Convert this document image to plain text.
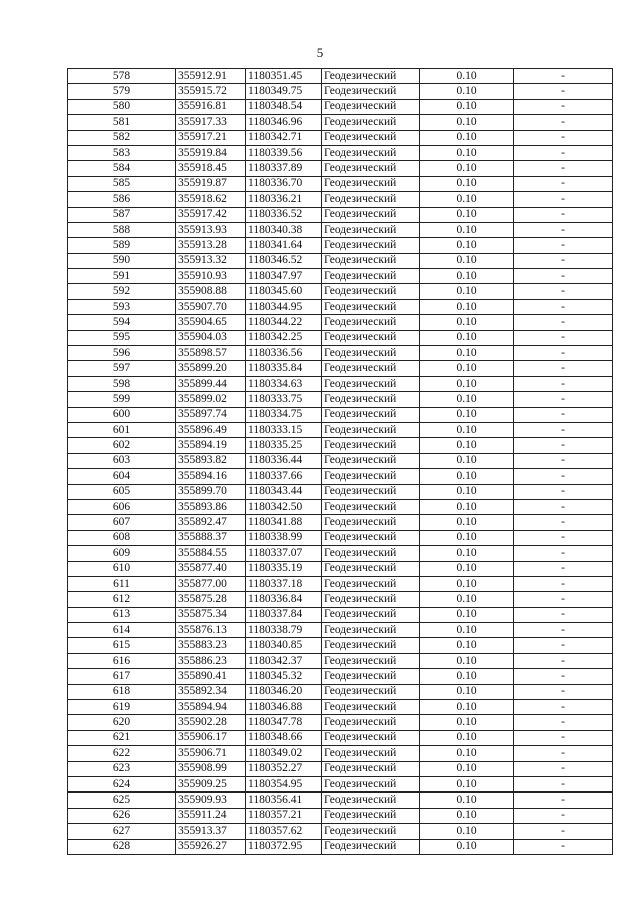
5
578	355912.91	1180351.45	Геодезический	0.10	-
579	355915.72	1180349.75	Геодезический	0.10	-
580	355916.81	1180348.54	Геодезический	0.10	-
581	355917.33	1180346.96	Геодезический	0.10	-
582	355917.21	1180342.71	Геодезический	0.10	-
583	355919.84	1180339.56	Геодезический	0.10	-
584	355918.45	1180337.89	Геодезический	0.10	-
585	355919.87	1180336.70	Геодезический	0.10	-
586	355918.62	1180336.21	Геодезический	0.10	-
587	355917.42	1180336.52	Геодезический	0.10	-
588	355913.93	1180340.38	Геодезический	0.10	-
589	355913.28	1180341.64	Геодезический	0.10	-
590	355913.32	1180346.52	Геодезический	0.10	-
591	355910.93	1180347.97	Геодезический	0.10	-
592	355908.88	1180345.60	Геодезический	0.10	-
593	355907.70	1180344.95	Геодезический	0.10	-
594	355904.65	1180344.22	Геодезический	0.10	-
595	355904.03	1180342.25	Геодезический	0.10	-
596	355898.57	1180336.56	Геодезический	0.10	-
597	355899.20	1180335.84	Геодезический	0.10	-
598	355899.44	1180334.63	Геодезический	0.10	-
599	355899.02	1180333.75	Геодезический	0.10	-
600	355897.74	1180334.75	Геодезический	0.10	-
601	355896.49	1180333.15	Геодезический	0.10	-
602	355894.19	1180335.25	Геодезический	0.10	-
603	355893.82	1180336.44	Геодезический	0.10	-
604	355894.16	1180337.66	Геодезический	0.10	-
605	355899.70	1180343.44	Геодезический	0.10	-
606	355893.86	1180342.50	Геодезический	0.10	-
607	355892.47	1180341.88	Геодезический	0.10	-
608	355888.37	1180338.99	Геодезический	0.10	-
609	355884.55	1180337.07	Геодезический	0.10	-
610	355877.40	1180335.19	Геодезический	0.10	-
611	355877.00	1180337.18	Геодезический	0.10	-
612	355875.28	1180336.84	Геодезический	0.10	-
613	355875.34	1180337.84	Геодезический	0.10	-
614	355876.13	1180338.79	Геодезический	0.10	-
615	355883.23	1180340.85	Геодезический	0.10	-
616	355886.23	1180342.37	Геодезический	0.10	-
617	355890.41	1180345.32	Геодезический	0.10	-
618	355892.34	1180346.20	Геодезический	0.10	-
619	355894.94	1180346.88	Геодезический	0.10	-
620	355902.28	1180347.78	Геодезический	0.10	-
621	355906.17	1180348.66	Геодезический	0.10	-
622	355906.71	1180349.02	Геодезический	0.10	-
623	355908.99	1180352.27	Геодезический	0.10	-
624	355909.25	1180354.95	Геодезический	0.10	-
625	355909.93	1180356.41	Геодезический	0.10	-
626	355911.24	1180357.21	Геодезический	0.10	-
627	355913.37	1180357.62	Геодезический	0.10	-
628	355926.27	1180372.95	Геодезический	0.10	-
